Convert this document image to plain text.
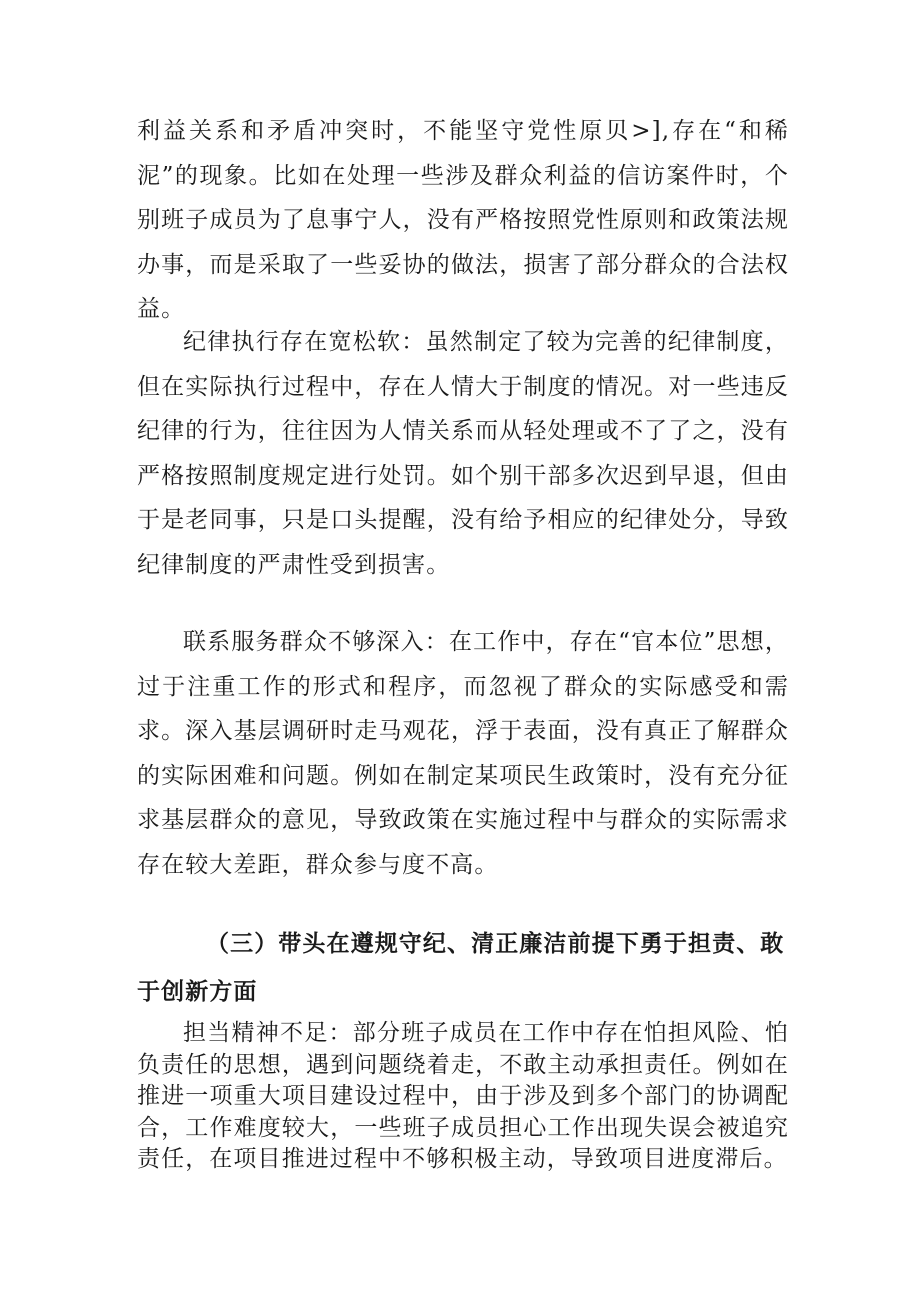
利益关系和矛盾冲突时，不能坚守党性原贝>],存在“和稀泥”的现象。比如在处理一些涉及群众利益的信访案件时，个别班子成员为了息事宁人，没有严格按照党性原则和政策法规办事，而是采取了一些妥协的做法，损害了部分群众的合法权益。

纪律执行存在宽松软：虽然制定了较为完善的纪律制度，但在实际执行过程中，存在人情大于制度的情况。对一些违反纪律的行为，往往因为人情关系而从轻处理或不了了之，没有严格按照制度规定进行处罚。如个别干部多次迟到早退，但由于是老同事，只是口头提醒，没有给予相应的纪律处分，导致纪律制度的严肃性受到损害。

联系服务群众不够深入：在工作中，存在“官本位”思想，过于注重工作的形式和程序，而忽视了群众的实际感受和需求。深入基层调研时走马观花，浮于表面，没有真正了解群众的实际困难和问题。例如在制定某项民生政策时，没有充分征求基层群众的意见，导致政策在实施过程中与群众的实际需求存在较大差距，群众参与度不高。

（三）带头在遵规守纪、清正廉洁前提下勇于担责、敢于创新方面

担当精神不足：部分班子成员在工作中存在怕担风险、怕负责任的思想，遇到问题绕着走，不敢主动承担责任。例如在推进一项重大项目建设过程中，由于涉及到多个部门的协调配合，工作难度较大，一些班子成员担心工作出现失误会被追究责任，在项目推进过程中不够积极主动，导致项目进度滞后。
